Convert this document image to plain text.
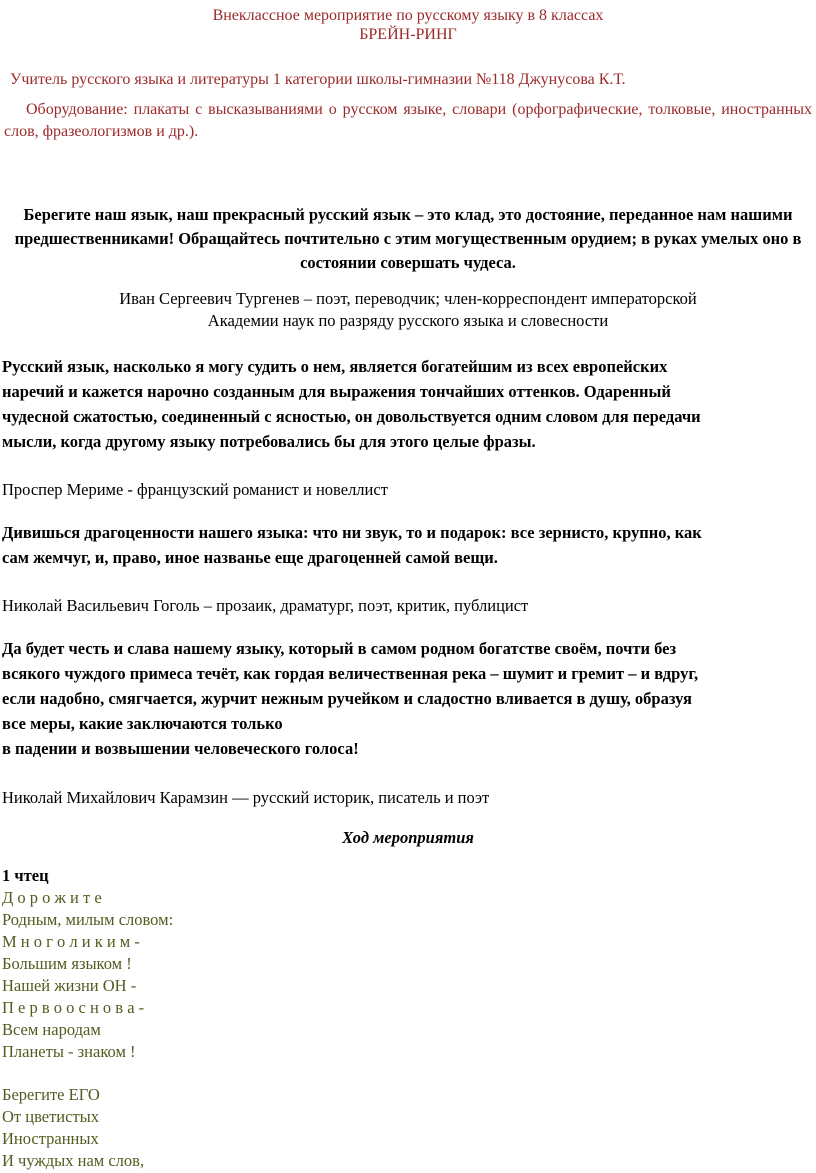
Внеклассное мероприятие по русскому языку в 8 классах
БРЕЙН-РИНГ
Учитель русского языка и литературы 1 категории школы-гимназии №118 Джунусова К.Т.
Оборудование: плакаты с высказываниями о русском языке, словари (орфографические, толковые, иностранных слов, фразеологизмов и др.).
Берегите наш язык, наш прекрасный русский язык – это клад, это достояние, переданное нам нашими предшественниками! Обращайтесь почтительно с этим могущественным орудием; в руках умелых оно в состоянии совершать чудеса.
Иван Сергеевич Тургенев – поэт, переводчик; член-корреспондент императорской
Академии наук по разряду русского языка и словесности
Русский язык, насколько я могу судить о нем, является богатейшим из всех европейских
наречий и кажется нарочно созданным для выражения тончайших оттенков. Одаренный
чудесной сжатостью, соединенный с ясностью, он довольствуется одним словом для передачи
мысли, когда другому языку потребовались бы для этого целые фразы.
Проспер Мериме - французский романист и новеллист
Дивишься драгоценности нашего языка: что ни звук, то и подарок: все зернисто, крупно, как
сам жемчуг, и, право, иное названье еще драгоценней самой вещи.
Николай Васильевич Гоголь – прозаик, драматург, поэт, критик, публицист
Да будет честь и слава нашему языку, который в самом родном богатстве своём, почти без
всякого чуждого примеса течёт, как гордая величественная река – шумит и гремит – и вдруг,
если надобно, смягчается, журчит нежным ручейком и сладостно вливается в душу, образуя
все меры, какие заключаются только
в падении и возвышении человеческого голоса!
Николай Михайлович Карамзин — русский историк, писатель и поэт
Ход мероприятия
1 чтец
Д о р о ж и т е
Родным, милым словом:
М н о г о л и к и м -
Большим языком !
Нашей жизни ОН -
П е р в о о с н о в а -
Всем народам
Планеты - знаком !
Берегите ЕГО
От цветистых
Иностранных
И чуждых нам слов,
